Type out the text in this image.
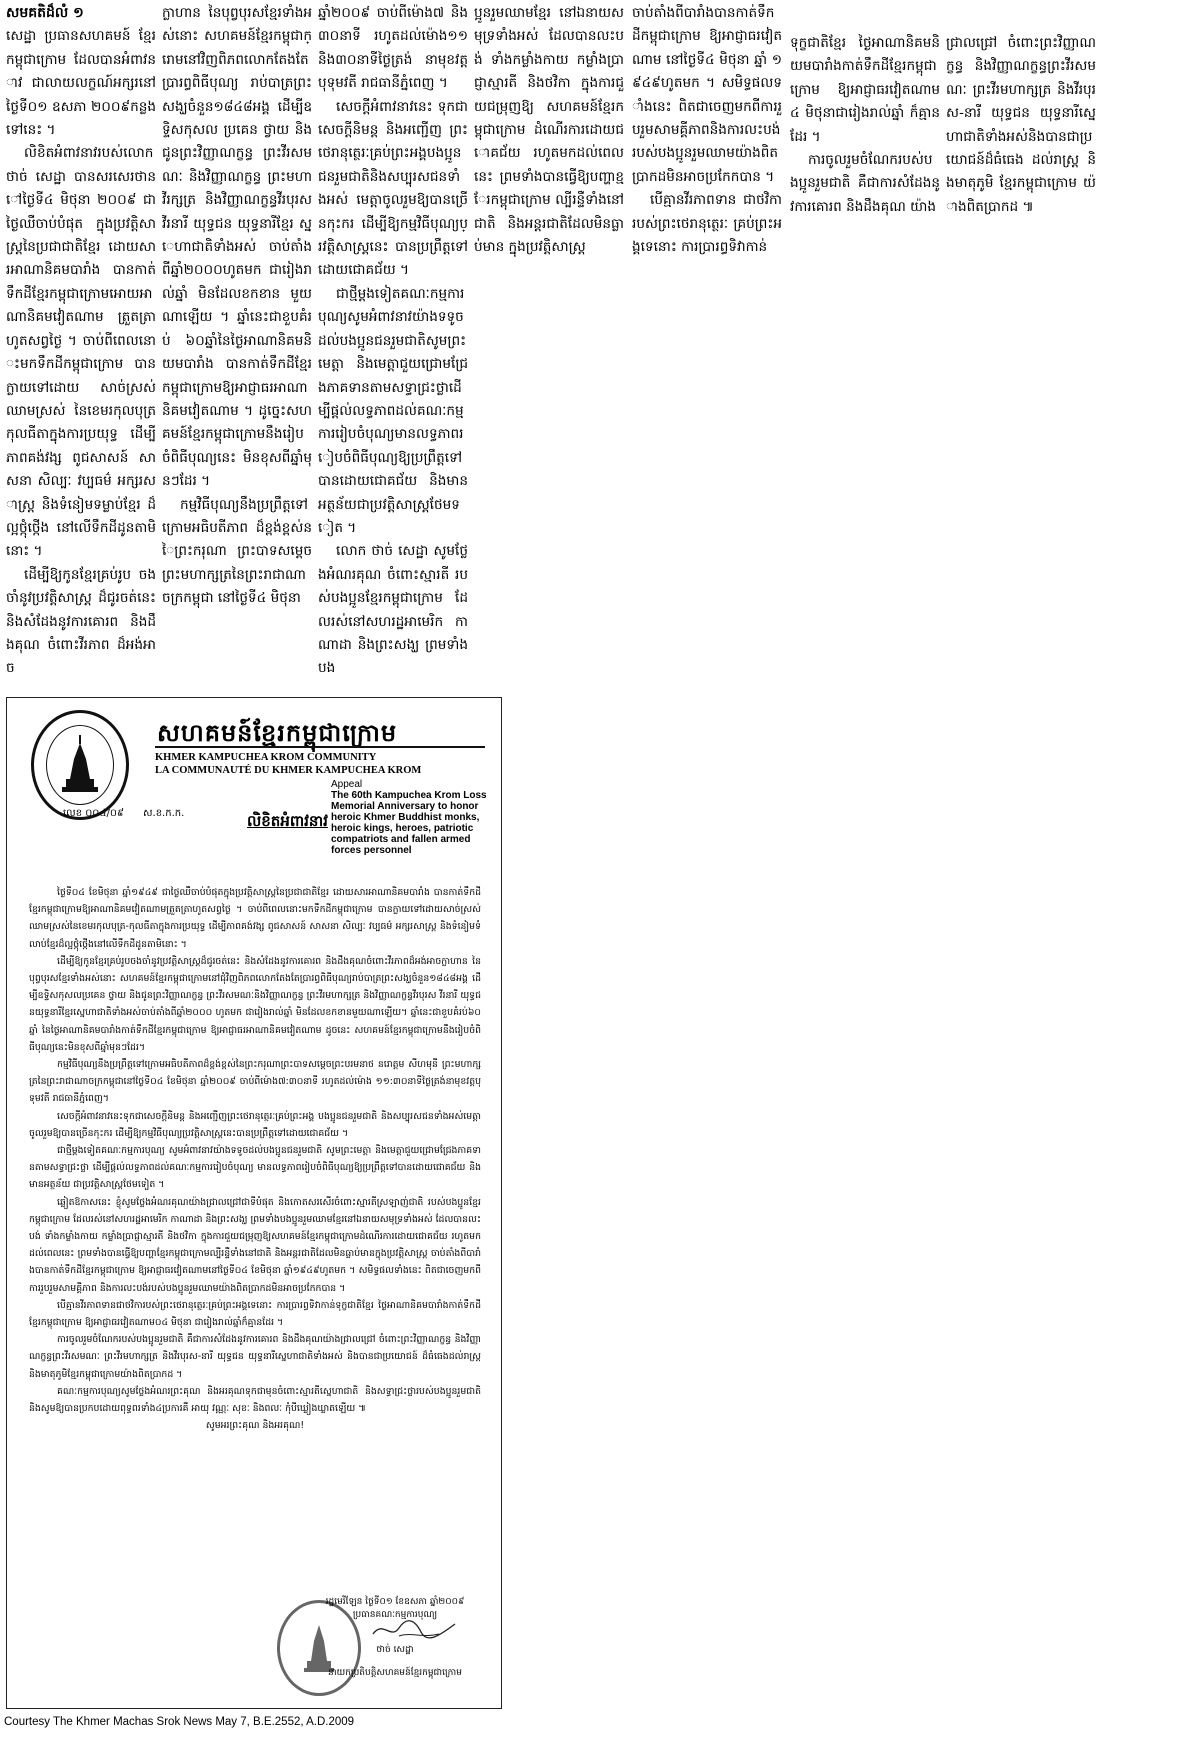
សមគតិដ៏លំ ១

សេដ្ឋា ប្រធានសហគមន៍ ខ្មែរកម្ពុជាក្រោម ដែលបានអំពាវនាវ ជាលាយលក្ខណ៍អក្សរនៅថ្ងៃទី០១ ឧសភា ២០០៩កន្លងទៅនេះ ។

លិខិតអំពាវនាវរបស់លោក ថាច់ សេដ្ឋា បានសរសេរថានៅថ្ងៃទី៤ មិថុនា ២០០៩ ជាថ្ងៃឈឺចាប់បំផុត ក្នុងប្រវត្តិសាស្ត្រនៃប្រជាជាតិខ្មែរ ដោយសារអាណានិគមបារាំង បានកាត់ទឹកដីខ្មែរកម្ពុជាក្រោមអោយអាណានិគមវៀតណាម ត្រួតត្រាហូតសព្វថ្ងៃ ។ ចាប់ពីពេលនោះមកទឹកដីកម្ពុជាក្រោម បានក្លាយទៅដោយ សាច់ស្រស់ ឈាមស្រស់ នៃខេមរកុលបុត្រ កុលធីតាក្នុងការប្រយុទ្ធ ដើម្បីភាពគង់វង្ស ពូជសាសន៍ សាសនា សិល្បៈ វប្បធម៌ អក្សរសាស្ត្រ និងទំនៀមទម្លាប់ខ្មែរ ដ៏ល្អថ្កុំថ្កើង នៅលើទឹកដីដូនតាមិនោះ ។

ដើម្បីឱ្យកូនខ្មែរគ្រប់រូប ចង ចាំនូវប្រវត្តិសាស្ត្រ ដ៏ជូរចត់នេះ និងសំដែងនូវការគោរព និងដឹងគុណ ចំពោះវីរភាព ដ៏អង់អាច

ក្លាហាន នៃបុព្វបុរសខ្មែរទាំងអស់នោះ សហគមន៍ខ្មែរកម្ពុជាក្រោមនៅវិញពិភពលោកតែងតែប្រារព្ធពិធីបុណ្យ រាប់បាត្រព្រះសង្ឃចំនួន១៨៤៨អង្គ ដើម្បីឧទ្ទិសកុសល ប្រគេន ថ្វាយ និងជូនព្រះវិញ្ញាណក្ខន្ធ ព្រះវីរសមណៈ និងវិញ្ញាណក្ខន្ធ ព្រះមហាវីរក្សត្រ និងវិញ្ញាណក្ខន្ធវីរបុរស វីរនារី យុទ្ធជន យុទ្ធនារីខ្មែរ ស្នេហាជាតិទាំងអស់ ចាប់តាំងពីឆ្នាំ២០០០ហូតមក ជារៀងរាល់ឆ្នាំ មិនដែលខកខាន មួយណាឡើយ ។ ឆ្នាំនេះជាខួបគំរប់ ៦០ឆ្នាំនៃថ្ងៃអាណានិគមនិយមបារាំង បានកាត់ទឹកដីខ្មែរកម្ពុជាក្រោមឱ្យអាជ្ញាធរអាណានិគមវៀតណាម ។ ដូច្នេះសហគមន៍ខ្មែរកម្ពុជាក្រោមនឹងរៀបចំពិធីបុណ្យនេះ មិនខុសពីឆ្នាំមុនៗដែរ ។

កម្មវិធីបុណ្យនឹងប្រព្រឹត្តទៅក្រោមអធិបតីភាព ដ៏ខ្ពង់ខ្ពស់នៃព្រះករុណា ព្រះបាទសម្តេចព្រះមហាក្សត្រនៃព្រះរាជាណាចក្រកម្ពុជា នៅថ្ងៃទី៤ មិថុនា

ឆ្នាំ២០០៩ ចាប់ពីម៉ោង៧ និង ៣០នាទី រហូតដល់ម៉ោង១១ និង៣០នាទីថ្ងៃត្រង់ នាមុខវត្តបុទុមវតី រាជធានីភ្នំពេញ ។

សេចក្តីអំពាវនាវនេះ ទុកជាសេចក្តីនិមន្ត និងអញ្ជើញ ព្រះថេរានុត្ថេរៈគ្រប់ព្រះអង្គបងប្អូនជនរួមជាតិនិងសប្បុរសជនទាំងអស់ មេត្តាចូលរួមឱ្យបានច្រើនកុះករ ដើម្បីឱ្យកម្មវិធីបុណ្យប្រវត្តិសាស្ត្រនេះ បានប្រព្រឹត្តទៅដោយជោគជ័យ ។

ជាថ្មីម្តងទៀតគណៈកម្មការបុណ្យសូមអំពាវនាវយ៉ាងទទូចដល់បងប្អូនជនរួមជាតិសូមព្រះមេត្តា និងមេត្តាជួយជ្រោមជ្រែងភាគទានតាមសទ្ធាជ្រះថ្លាដើម្បីផ្តល់លទ្ធភាពដល់គណៈកម្មការរៀបចំបុណ្យមានលទ្ធភាពរៀបចំពិធីបុណ្យឱ្យប្រព្រឹត្តទៅ បានដោយជោគជ័យ និងមានអត្ថន័យជាប្រវត្តិសាស្ត្រថែមទៀត ។

លោក ថាច់ សេដ្ឋា សូមថ្លែងអំណរគុណ ចំពោះស្មារតី របស់បងប្អូនខ្មែរកម្ពុជាក្រោម ដែលរស់នៅសហរដ្ឋអាមេរិក កាណាដា និងព្រះសង្ឃ ព្រមទាំងបង

ប្អូនរួមឈាមខ្មែរ នៅឯនាយសមុទ្រទាំងអស់ ដែលបានលះបង់ ទាំងកម្លាំងកាយ កម្លាំងប្រាជ្ញាស្មារតី និងថវិកា ក្នុងការជួយជម្រុញឱ្យ សហគមន៍ខ្មែរកម្ពុជាក្រោម ដំណើរការដោយជោគជ័យ រហូតមកដល់ពេលនេះ ព្រមទាំងបានធ្វើឱ្យបញ្ហាខ្មែរកម្ពុជាក្រោម ល្បីរន្ទឺទាំងនៅជាតិ និងអន្តរជាតិដែលមិនធ្លាប់មាន ក្នុងប្រវត្តិសាស្ត្រ

ចាប់តាំងពីបារាំងបានកាត់ទឹកដីកម្ពុជាក្រោម ឱ្យអាជ្ញាធរវៀតណាម នៅថ្ងៃទី៤ មិថុនា ឆ្នាំ ១៩៤៩ហូតមក ។ សមិទ្ធផលទាំងនេះ ពិតជាចេញមកពីការរួបរួមសាមគ្គីភាពនិងការលះបង់របស់បងប្អូនរួមឈាមយ៉ាងពិតប្រាកដមិនអាចប្រកែកបាន ។

បើគ្មានវីរភាពទាន ជាថវិការបស់ព្រះថេរានុត្ថេរៈ គ្រប់ព្រះអង្គទេនោះ ការប្រារព្ធទិវាកាន់

ទុក្ខជាតិខ្មែរ ថ្ងៃអាណានិគមនិយមបារាំងកាត់ទឹកដីខ្មែរកម្ពុជាក្រោម ឱ្យអាជ្ញាធរវៀតណាម ៤ មិថុនាជារៀងរាល់ឆ្នាំ ក៏គ្មានដែរ ។

ការចូលរួមចំណែករបស់បងប្អូនរួមជាតិ គឺជាការសំដែងនូវការគោរព និងដឹងគុណ យ៉ាង

ជ្រាលជ្រៅ ចំពោះព្រះវិញ្ញាណក្ខន្ធ និងវិញ្ញាណក្ខន្ធព្រះវីរសមណៈ ព្រះវីរមហាក្សត្រ និងវីរបុរស-នារី យុទ្ធជន យុទ្ធនារីស្នេហាជាតិទាំងអស់និងបានជាប្រយោជន៍ដ៏ធំធេង ដល់រាស្ត្រ និងមាតុភូមិ ខ្មែរកម្ពុជាក្រោម យ៉ាងពិតប្រាកដ ៕

សហគមន៍ខ្មែរកម្ពុជាក្រោម
KHMER KAMPUCHEA KROM COMMUNITY
LA COMMUNAUTÉ DU KHMER KAMPUCHEA KROM
លេខ ០០៤/០៩ ស.ខ.ក.ក.	លិខិតអំពាវនាវ
Appeal
The 60th Kampuchea Krom Loss Memorial Anniversary to honor heroic Khmer Buddhist monks, heroic kings, heroes, patriotic compatriots and fallen armed forces personnel

ថ្ងៃទី០៤ ខែមិថុនា ឆ្នាំ១៩៤៩ ជាថ្ងៃឈឺចាប់បំផុតក្នុងប្រវត្តិសាស្ត្រនៃប្រជាជាតិខ្មែរ ដោយសារអាណានិគមបារាំង បានកាត់ទឹកដីខ្មែរកម្ពុជាក្រោមឱ្យអាណានិគមវៀតណាមត្រួតត្រាហូតសព្វថ្ងៃ ។ ចាប់ពីពេលនោះមកទឹកដីកម្ពុជាក្រោម បានក្លាយទៅដោយសាច់ស្រស់ឈាមស្រស់នៃខេមរកុលបុត្រ-កុលធីតាក្នុងការប្រយុទ្ធ ដើម្បីភាពគង់វង្ស ពូជសាសន៍ សាសនា សិល្បៈ វប្បធម៌ អក្សរសាស្ត្រ និងទំនៀមទំលាប់ខ្មែរដ៏ល្អថ្កុំថ្កើងនៅលើទឹកដីដូនតាមិនោះ ។

ដើម្បីឱ្យកូនខ្មែរគ្រប់រូបចងចាំនូវប្រវត្តិសាស្ត្រដ៏ជូរចត់នេះ និងសំដែងនូវការគោរព និងដឹងគុណចំពោះវីរភាពដ៏អង់អាចក្លាហាន នៃបុព្វបុរសខ្មែរទាំងអស់នោះ សហគមន៍ខ្មែរកម្ពុជាក្រោមនៅជុំវិញពិភពលោកតែងតែប្រារព្ធពិធីបុណ្យរាប់បាត្រព្រះសង្ឃចំនួន១៨៤៨អង្គ ដើម្បីឧទ្ទិសកុសលប្រគេន ថ្វាយ និងជូនព្រះវិញ្ញាណក្ខន្ធ ព្រះវីរសមណៈនិងវិញ្ញាណក្ខន្ធ ព្រះវីរមហាក្សត្រ និងវិញ្ញាណក្ខន្ធវីរបុរស វីរនារី យុទ្ធជនយុទ្ធនារីខ្មែរស្នេហាជាតិទាំងអស់ចាប់តាំងពីឆ្នាំ២០០០ ហូតមក ជារៀងរាល់ឆ្នាំ មិនដែលខកខានមួយណាឡើយ។ ឆ្នាំនេះជាខួបគំរប់៦០ឆ្នាំ នៃថ្ងៃអាណានិគមបារាំងកាត់ទឹកដីខ្មែរកម្ពុជាក្រោម ឱ្យអាជ្ញាធរអាណានិគមវៀតណាម ដូចនេះ សហគមន៍ខ្មែរកម្ពុជាក្រោមនឹងរៀបចំពិធីបុណ្យនេះមិនខុសពីឆ្នាំមុនៗដែរ។

កម្មវិធីបុណ្យនឹងប្រព្រឹត្តទៅក្រោមអធិបតីភាពដ៏ខ្ពង់ខ្ពស់នៃព្រះករុណាព្រះបាទសម្តេចព្រះបរមនាថ នរោត្តម សីហមុនី ព្រះមហាក្សត្រនៃព្រះរាជាណាចក្រកម្ពុជានៅថ្ងៃទី០៤ ខែមិថុនា ឆ្នាំ២០០៩ ចាប់ពីម៉ោង៧:៣០នាទី រហូតដល់ម៉ោង ១១:៣០នាទីថ្ងៃត្រង់នាមុខវត្តបុទុមវតី រាជធានីភ្នំពេញ។

សេចក្តីអំពាវនាវនេះទុកជាសេចក្តីនិមន្ត និងអញ្ជើញព្រះថេរានុត្ថេរៈគ្រប់ព្រះអង្គ បងប្អូនជនរួមជាតិ និងសប្បុរសជនទាំងអស់មេត្តាចូលរួមឱ្យបានច្រើនកុះករ ដើម្បីឱ្យកម្មវិធីបុណ្យប្រវត្តិសាស្ត្រនេះបានប្រព្រឹត្តទៅដោយជោគជ័យ ។

ជាថ្មីម្តងទៀតគណៈកម្មការបុណ្យ សូមអំពាវនាវយ៉ាងទទូចដល់បងប្អូនជនរួមជាតិ សូមព្រះមេត្តា និងមេត្តាជួយជ្រោមជ្រែងភាគទានតាមសទ្ធាជ្រះថ្លា ដើម្បីផ្តល់លទ្ធភាពដល់គណៈកម្មការរៀបចំបុណ្យ មានលទ្ធភាពរៀបចំពិធីបុណ្យឱ្យប្រព្រឹត្តទៅបានដោយជោគជ័យ និងមានអត្ថន័យ ជាប្រវត្តិសាស្ត្រថែមទៀត ។

ឆ្លៀតឱកាសនេះ ខ្ញុំសូមថ្លែងអំណរគុណយ៉ាងជ្រាលជ្រៅជាទីបំផុត និងកោតសរសើរចំពោះស្មារតីស្រឡាញ់ជាតិ របស់បងប្អូនខ្មែរកម្ពុជាក្រោម ដែលរស់នៅសហរដ្ឋអាមេរិក កាណាដា និងព្រះសង្ឃ ព្រមទាំងបងប្អូនរួមឈាមខ្មែរនៅឯនាយសមុទ្រទាំងអស់ ដែលបានលះបង់ ទាំងកម្លាំងកាយ កម្លាំងប្រាជ្ញាស្មារតី និងថវិកា ក្នុងការជួយជម្រុញឱ្យសហគមន៍ខ្មែរកម្ពុជាក្រោមដំណើរការដោយជោគជ័យ រហូតមកដល់ពេលនេះ ព្រមទាំងបានធ្វើឱ្យបញ្ហាខ្មែរកម្ពុជាក្រោមល្បីរន្ទឺទាំងនៅជាតិ និងអន្តរជាតិដែលមិនធ្លាប់មានក្នុងប្រវត្តិសាស្ត្រ ចាប់តាំងពីបារាំងបានកាត់ទឹកដីខ្មែរកម្ពុជាក្រោម ឱ្យអាជ្ញាធរវៀតណាមនៅថ្ងៃទី០៤ ខែមិថុនា ឆ្នាំ១៩៤៩ហូតមក ។ សមិទ្ធផលទាំងនេះ ពិតជាចេញមកពីការរួបរួមសាមគ្គីភាព និងការលះបង់របស់បងប្អូនរួមឈាមយ៉ាងពិតប្រាកដមិនអាចប្រកែកបាន ។

បើគ្មានវីរភាពទានជាថវិការបស់ព្រះថេរានុត្ថេរៈគ្រប់ព្រះអង្គទេនោះ ការប្រារព្ធទិវាកាន់ទុក្ខជាតិខ្មែរ ថ្ងៃអាណានិគមបារាំងកាត់ទឹកដីខ្មែរកម្ពុជាក្រោម ឱ្យអាជ្ញាធរវៀតណាម០៤ មិថុនា ជារៀងរាល់ឆ្នាំក៏គ្មានដែរ ។

ការចូលរួមចំណែករបស់បងប្អូនរួមជាតិ គឺជាការសំដែងនូវការគោរព និងដឹងគុណយ៉ាងជ្រាលជ្រៅ ចំពោះព្រះវិញ្ញាណក្ខន្ធ និងវិញ្ញាណក្ខន្ធព្រះវីរសមណៈ ព្រះវីរមហាក្សត្រ និងវីរបុរស-នារី យុទ្ធជន យុទ្ធនារីស្នេហាជាតិទាំងអស់ និងបានជាប្រយោជន៍ ដ៏ធំធេងដល់រាស្ត្រ និងមាតុភូមិខ្មែរកម្ពុជាក្រោមយ៉ាងពិតប្រាកដ ។

គណៈកម្មការបុណ្យសូមថ្លែងអំណរព្រះគុណ និងអរគុណទុកជាមុនចំពោះស្មារតីស្នេហាជាតិ និងសទ្ធាជ្រះថ្លារបស់បងប្អូនរួមជាតិ និងសូមឱ្យបានប្រកបដោយពុទ្ធពរទាំង៤ប្រការគឺ អាយុ វណ្ណៈ សុខៈ និងពលៈ កុំបីឃ្លៀងឃ្លាតឡើយ ៕

សូមអរព្រះគុណ និងអរគុណ!

រដ្ឋមេរីឡែន ថ្ងៃទី០១ ខែឧសភា ឆ្នាំ២០០៩
ប្រធានគណៈកម្មការបុណ្យ
ថាច់ សេដ្ឋា
នាយកប្រតិបត្តិសហគមន៍ខ្មែរកម្ពុជាក្រោម
Courtesy The Khmer Machas Srok News May 7, B.E.2552, A.D.2009
